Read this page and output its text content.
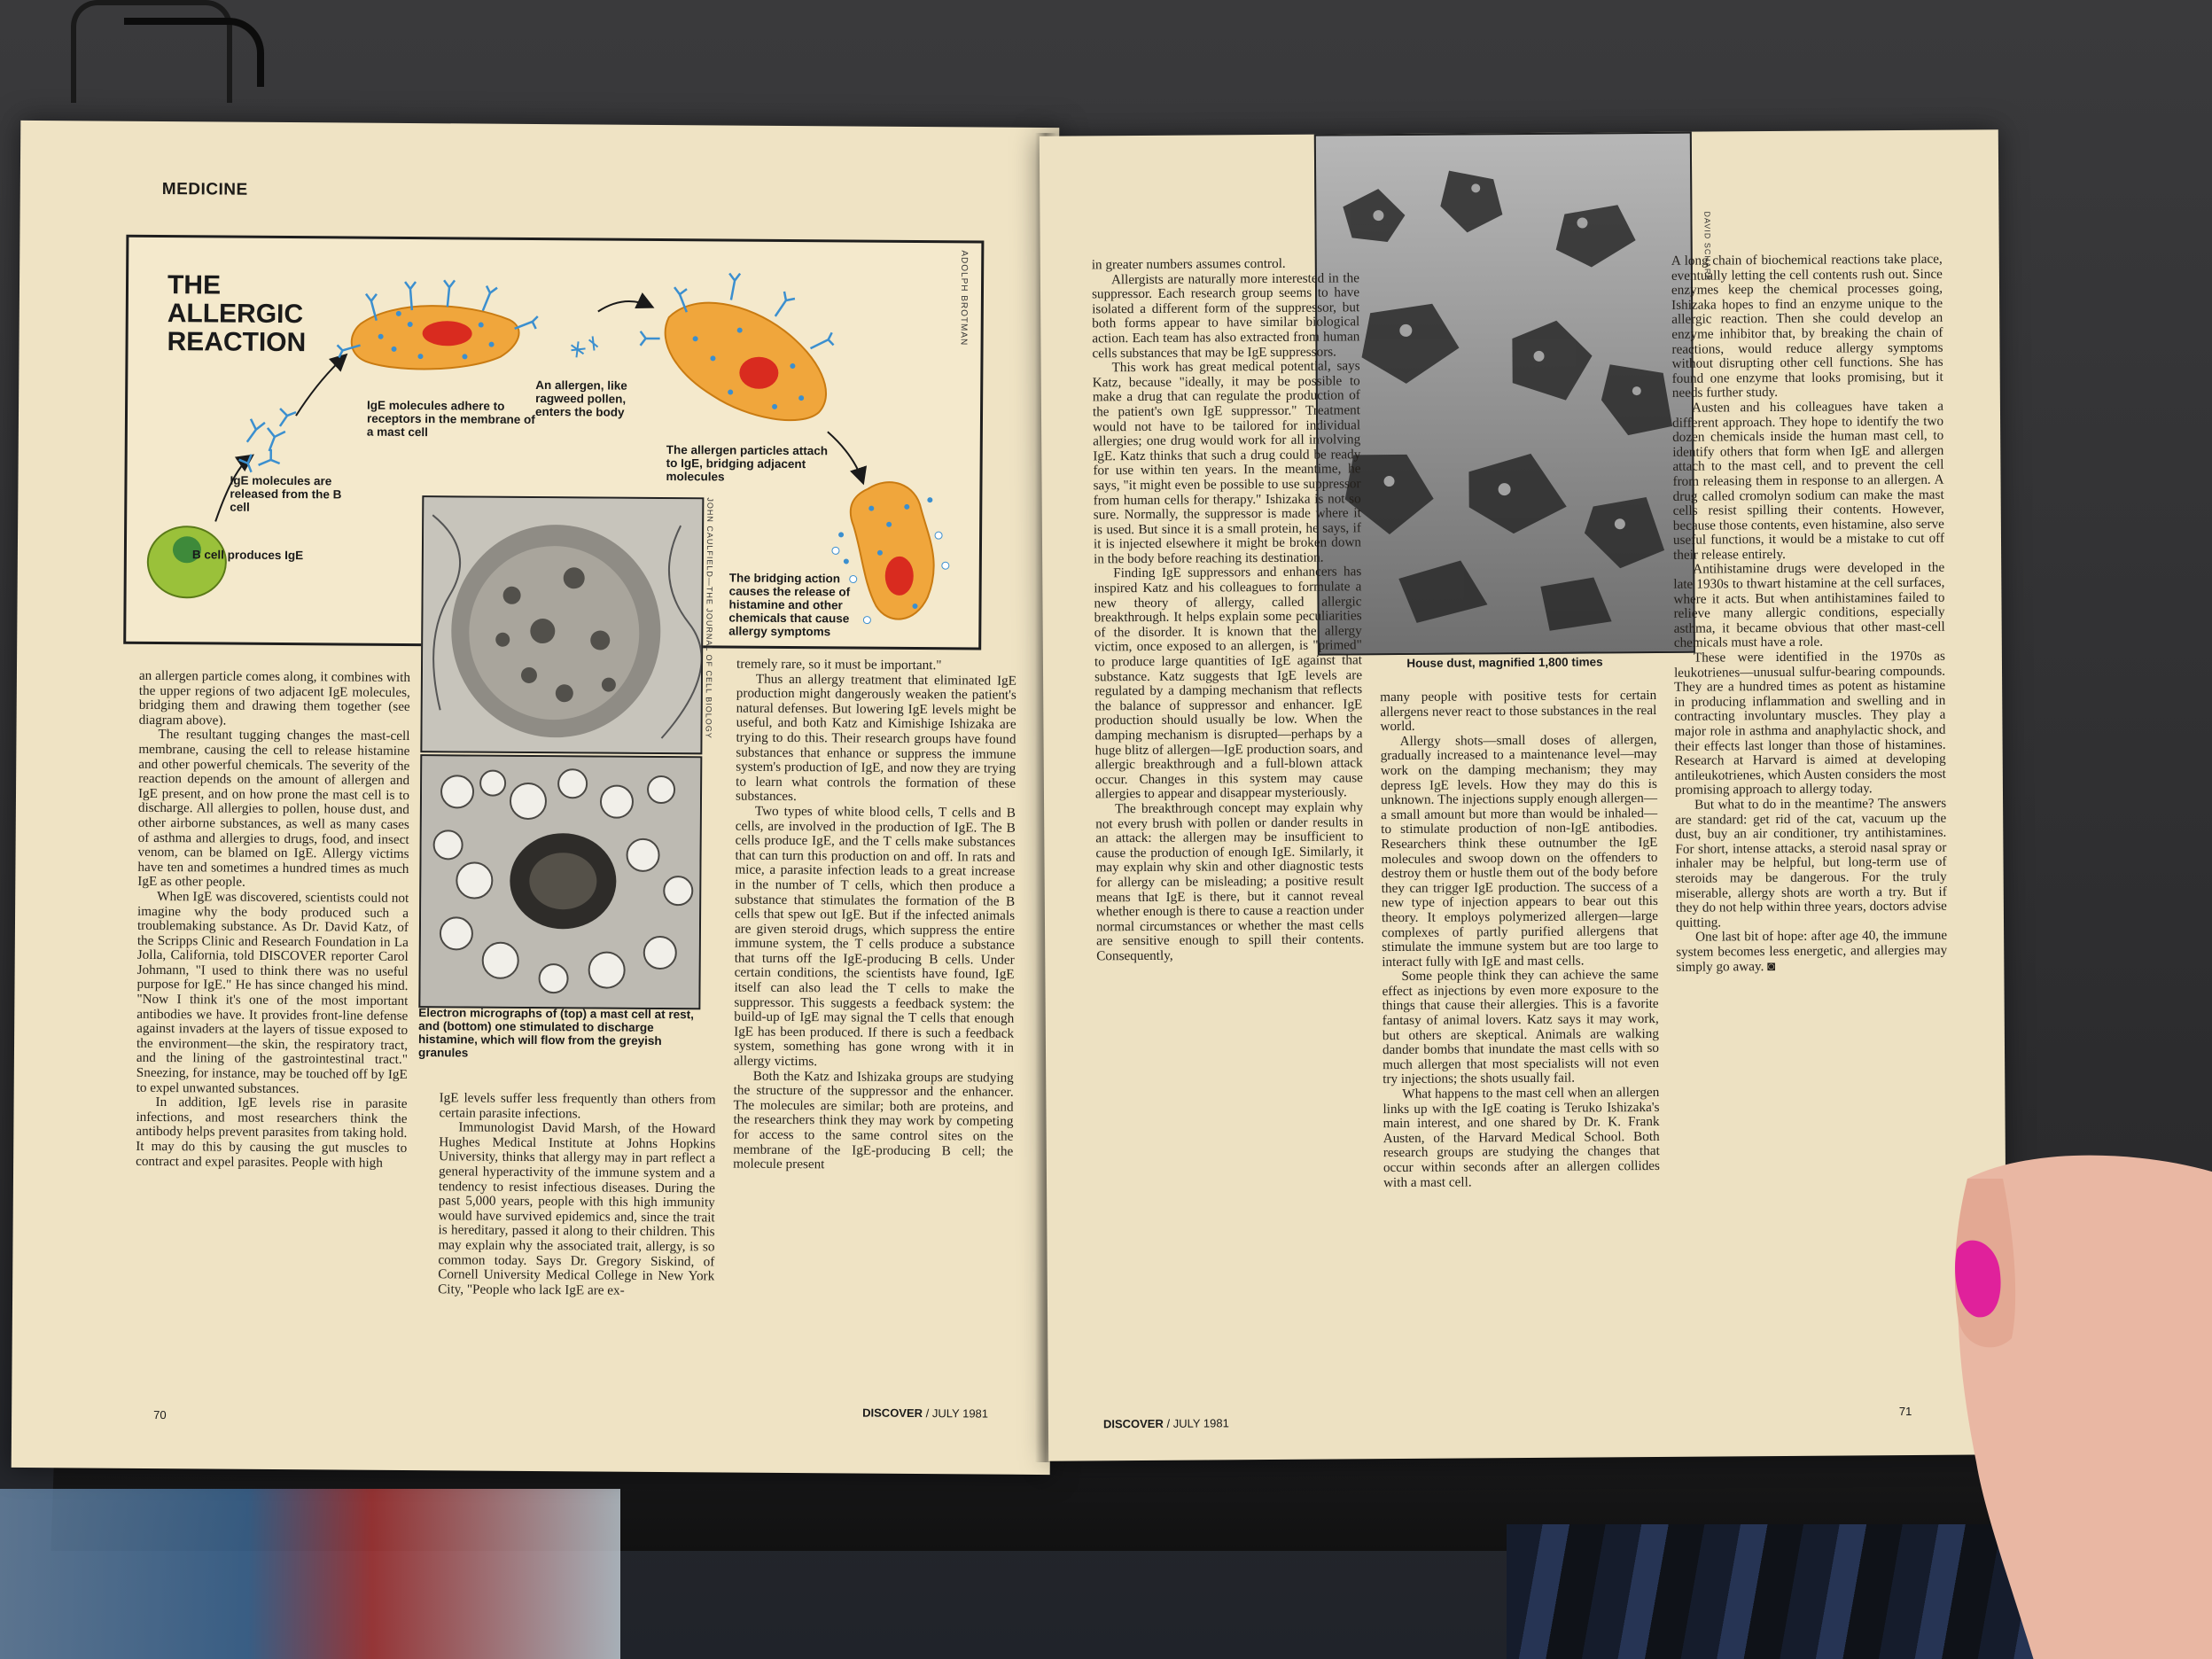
MEDICINE
THE
ALLERGIC
REACTION	ADOLPH BROTMAN
B cell produces IgE
IgE molecules are released from the B cell
IgE molecules adhere to receptors in the membrane of a mast cell
An allergen, like ragweed pollen, enters the body
The allergen particles attach to IgE, bridging adjacent molecules
The bridging action causes the release of histamine and other chemicals that cause allergy symptoms
JOHN CAULFIELD—THE JOURNAL OF CELL BIOLOGY
Electron micrographs of (top) a mast cell at rest, and (bottom) one stimulated to discharge histamine, which will flow from the greyish granules

an allergen particle comes along, it combines with the upper regions of two adjacent IgE molecules, bridging them and drawing them together (see diagram above).

The resultant tugging changes the mast-cell membrane, causing the cell to release histamine and other powerful chemicals. The severity of the reaction depends on the amount of allergen and IgE present, and on how prone the mast cell is to discharge. All allergies to pollen, house dust, and other airborne substances, as well as many cases of asthma and allergies to drugs, food, and insect venom, can be blamed on IgE. Allergy victims have ten and sometimes a hundred times as much IgE as other people.

When IgE was discovered, scientists could not imagine why the body produced such a troublemaking substance. As Dr. David Katz, of the Scripps Clinic and Research Foundation in La Jolla, California, told DISCOVER reporter Carol Johmann, "I used to think there was no useful purpose for IgE." He has since changed his mind. "Now I think it's one of the most important antibodies we have. It provides front-line defense against invaders at the layers of tissue exposed to the environment—the skin, the respiratory tract, and the lining of the gastrointestinal tract." Sneezing, for instance, may be touched off by IgE to expel unwanted substances.

In addition, IgE levels rise in parasite infections, and most researchers think the antibody helps prevent parasites from taking hold. It may do this by causing the gut muscles to contract and expel parasites. People with high

IgE levels suffer less frequently than others from certain parasite infections.

Immunologist David Marsh, of the Howard Hughes Medical Institute at Johns Hopkins University, thinks that allergy may in part reflect a general hyperactivity of the immune system and a tendency to resist infectious diseases. During the past 5,000 years, people with this high immunity would have survived epidemics and, since the trait is hereditary, passed it along to their children. This may explain why the associated trait, allergy, is so common today. Says Dr. Gregory Siskind, of Cornell University Medical College in New York City, "People who lack IgE are ex-

tremely rare, so it must be important."

Thus an allergy treatment that eliminated IgE production might dangerously weaken the patient's natural defenses. But lowering IgE levels might be useful, and both Katz and Kimishige Ishizaka are trying to do this. Their research groups have found substances that enhance or suppress the immune system's production of IgE, and now they are trying to learn what controls the formation of these substances.

Two types of white blood cells, T cells and B cells, are involved in the production of IgE. The B cells produce IgE, and the T cells make substances that can turn this production on and off. In rats and mice, a parasite infection leads to a great increase in the number of T cells, which then produce a substance that stimulates the formation of the B cells that spew out IgE. But if the infected animals are given steroid drugs, which suppress the entire immune system, the T cells produce a substance that turns off the IgE-producing B cells. Under certain conditions, the scientists have found, IgE itself can also lead the T cells to make the suppressor. This suggests a feedback system: the build-up of IgE may signal the T cells that enough IgE has been produced. If there is such a feedback system, something has gone wrong with it in allergy victims.

Both the Katz and Ishizaka groups are studying the structure of the suppressor and the enhancer. The molecules are similar; both are proteins, and the researchers think they may work by competing for access to the same control sites on the membrane of the IgE-producing B cell; the molecule present

70	DISCOVER / JULY 1981
DAVID SCHARF
House dust, magnified 1,800 times

in greater numbers assumes control.

Allergists are naturally more interested in the suppressor. Each research group seems to have isolated a different form of the suppressor, but both forms appear to have similar biological action. Each team has also extracted from human cells substances that may be IgE suppressors.

This work has great medical potential, says Katz, because "ideally, it may be possible to make a drug that can regulate the production of the patient's own IgE suppressor." Treatment would not have to be tailored for individual allergies; one drug would work for all involving IgE. Katz thinks that such a drug could be ready for use within ten years. In the meantime, he says, "it might even be possible to use suppressor from human cells for therapy." Ishizaka is not so sure. Normally, the suppressor is made where it is used. But since it is a small protein, he says, if it is injected elsewhere it might be broken down in the body before reaching its destination.

Finding IgE suppressors and enhancers has inspired Katz and his colleagues to formulate a new theory of allergy, called allergic breakthrough. It helps explain some peculiarities of the disorder. It is known that the allergy victim, once exposed to an allergen, is "primed" to produce large quantities of IgE against that substance. Katz suggests that IgE levels are regulated by a damping mechanism that reflects the balance of suppressor and enhancer. IgE production should usually be low. When the damping mechanism is disrupted—perhaps by a huge blitz of allergen—IgE production soars, and allergic breakthrough and a full-blown attack occur. Changes in this system may cause allergies to appear and disappear mysteriously.

The breakthrough concept may explain why not every brush with pollen or dander results in an attack: the allergen may be insufficient to cause the production of enough IgE. Similarly, it may explain why skin and other diagnostic tests for allergy can be misleading; a positive result means that IgE is there, but it cannot reveal whether enough is there to cause a reaction under normal circumstances or whether the mast cells are sensitive enough to spill their contents. Consequently,

many people with positive tests for certain allergens never react to those substances in the real world.

Allergy shots—small doses of allergen, gradually increased to a maintenance level—may work on the damping mechanism; they may depress IgE levels. How they may do this is unknown. The injections supply enough allergen—a small amount but more than would be inhaled—to stimulate production of non-IgE antibodies. Researchers think these outnumber the IgE molecules and swoop down on the offenders to destroy them or hustle them out of the body before they can trigger IgE production. The success of a new type of injection appears to bear out this theory. It employs polymerized allergen—large complexes of partly purified allergens that stimulate the immune system but are too large to interact fully with IgE and mast cells.

Some people think they can achieve the same effect as injections by even more exposure to the things that cause their allergies. This is a favorite fantasy of animal lovers. Katz says it may work, but others are skeptical. Animals are walking dander bombs that inundate the mast cells with so much allergen that most specialists will not even try injections; the shots usually fail.

What happens to the mast cell when an allergen links up with the IgE coating is Teruko Ishizaka's main interest, and one shared by Dr. K. Frank Austen, of the Harvard Medical School. Both research groups are studying the changes that occur within seconds after an allergen collides with a mast cell.

A long chain of biochemical reactions take place, eventually letting the cell contents rush out. Since enzymes keep the chemical processes going, Ishizaka hopes to find an enzyme unique to the allergic reaction. Then she could develop an enzyme inhibitor that, by breaking the chain of reactions, would reduce allergy symptoms without disrupting other cell functions. She has found one enzyme that looks promising, but it needs further study.

Austen and his colleagues have taken a different approach. They hope to identify the two dozen chemicals inside the human mast cell, to identify others that form when IgE and allergen attach to the mast cell, and to prevent the cell from releasing them in response to an allergen. A drug called cromolyn sodium can make the mast cells resist spilling their contents. However, because those contents, even histamine, also serve useful functions, it would be a mistake to cut off their release entirely.

Antihistamine drugs were developed in the late 1930s to thwart histamine at the cell surfaces, where it acts. But when antihistamines failed to relieve many allergic conditions, especially asthma, it became obvious that other mast-cell chemicals must have a role.

These were identified in the 1970s as leukotrienes—unusual sulfur-bearing compounds. They are a hundred times as potent as histamine in producing inflammation and swelling and in contracting involuntary muscles. They play a major role in asthma and anaphylactic shock, and their effects last longer than those of histamines. Research at Harvard is aimed at developing antileukotrienes, which Austen considers the most promising approach to allergy today.

But what to do in the meantime? The answers are standard: get rid of the cat, vacuum up the dust, buy an air conditioner, try antihistamines. For short, intense attacks, a steroid nasal spray or inhaler may be helpful, but long-term use of steroids may be dangerous. For the truly miserable, allergy shots are worth a try. But if they do not help within three years, doctors advise quitting.

One last bit of hope: after age 40, the immune system becomes less energetic, and allergies may simply go away. ◙

DISCOVER / JULY 1981
71
